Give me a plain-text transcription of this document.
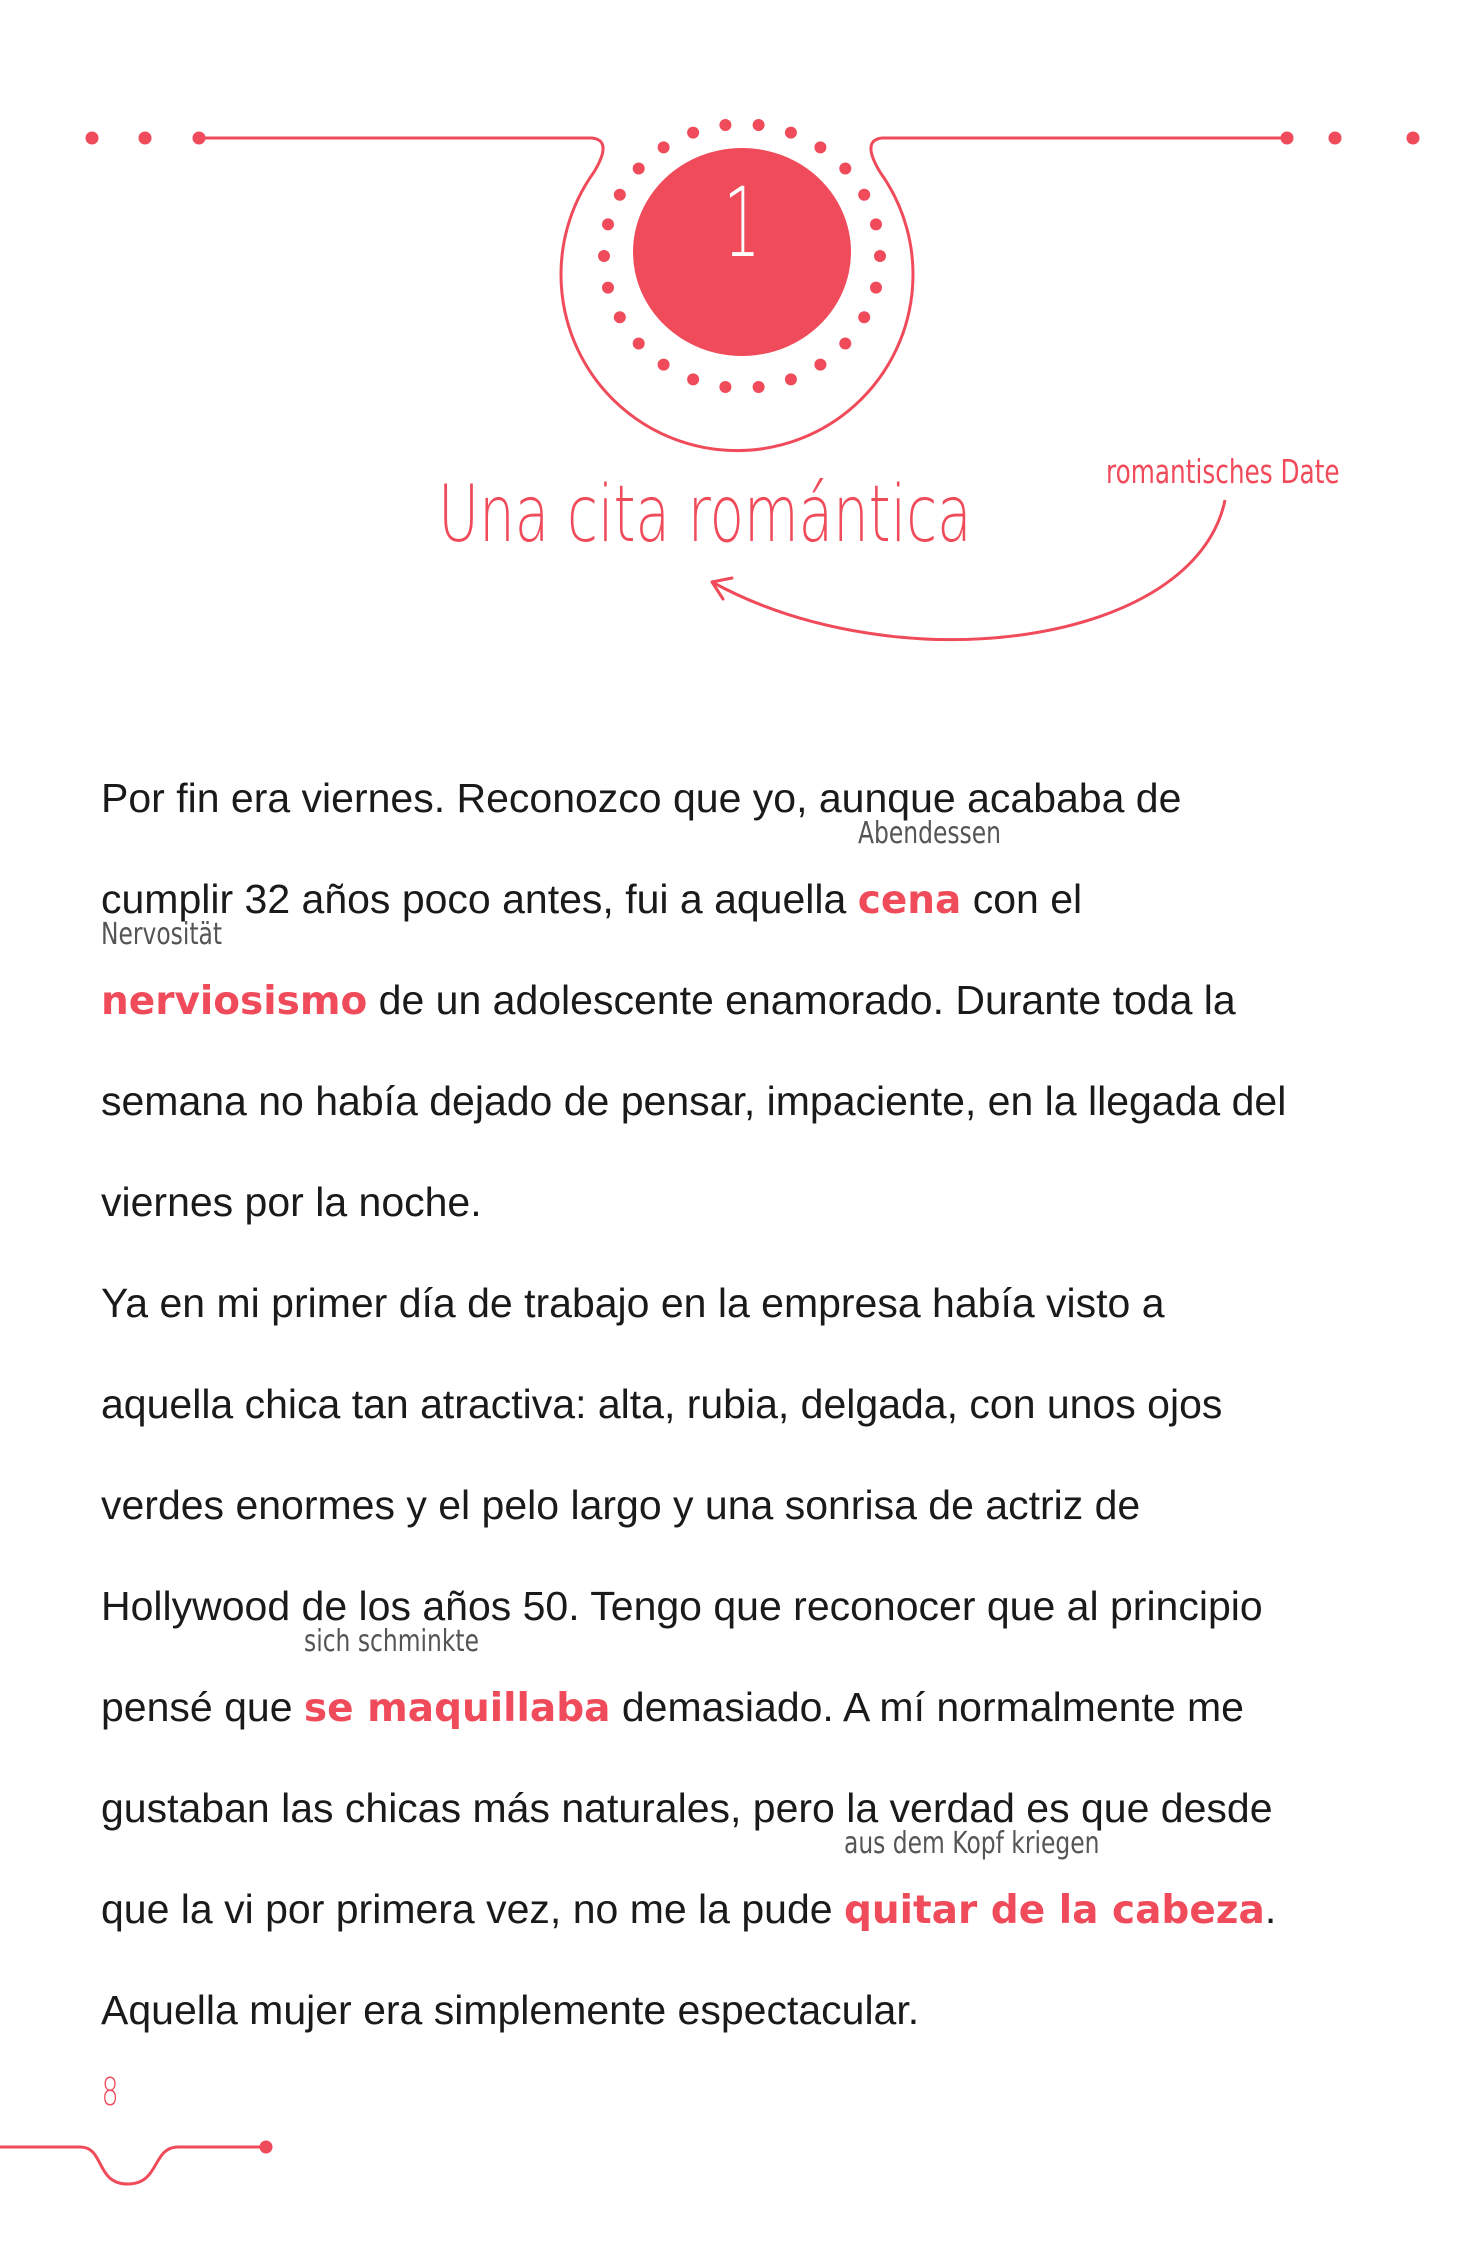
1
Una cita romántica	romantisches Date
Por fin era viernes. Reconozco que yo, aunque acababa de
cumplir 32 años poco antes, fui a aquella cena
Abendessen
con el
nerviosismo
Nervosität
de un adolescente enamorado. Durante toda la
semana no había dejado de pensar, impaciente, en la llegada del
viernes por la noche.
Ya en mi primer día de trabajo en la empresa había visto a
aquella chica tan atractiva: alta, rubia, delgada, con unos ojos
verdes enormes y el pelo largo y una sonrisa de actriz de
Hollywood de los años 50. Tengo que reconocer que al principio
pensé que se maquillaba
sich schminkte
demasiado. A mí normalmente me
gustaban las chicas más naturales, pero la verdad es que desde
que la vi por primera vez, no me la pude quitar de la cabeza
aus dem Kopf kriegen
.
Aquella mujer era simplemente espectacular.
8
